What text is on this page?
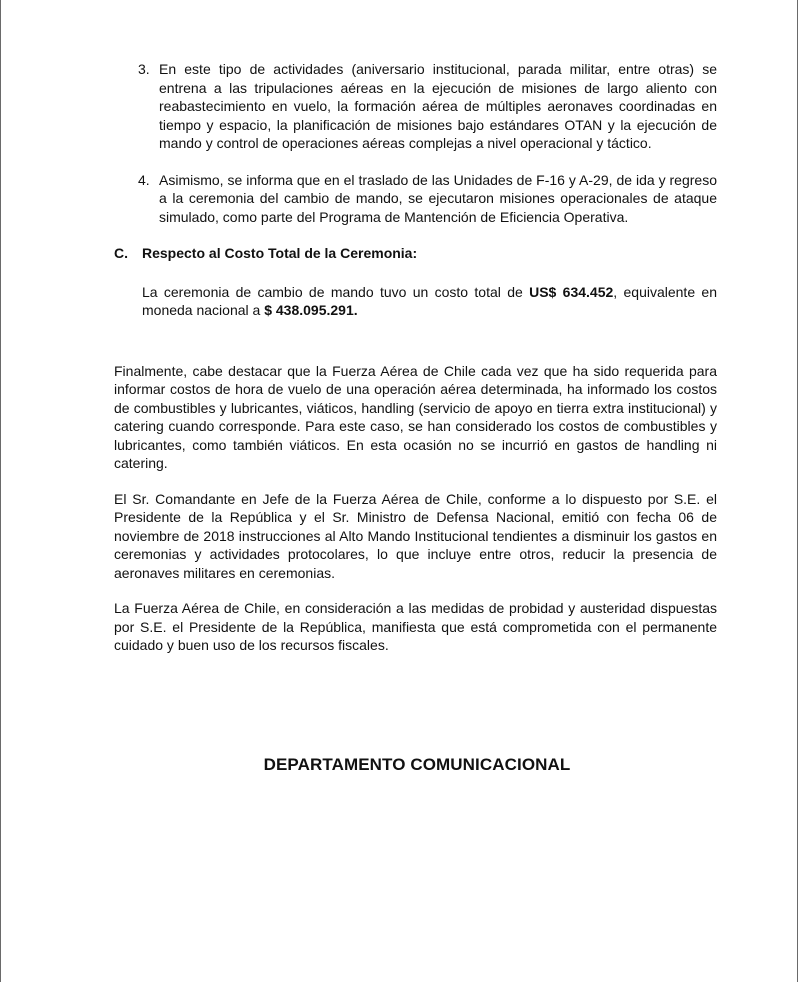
3. En este tipo de actividades (aniversario institucional, parada militar, entre otras) se entrena a las tripulaciones aéreas en la ejecución de misiones de largo aliento con reabastecimiento en vuelo, la formación aérea de múltiples aeronaves coordinadas en tiempo y espacio, la planificación de misiones bajo estándares OTAN y la ejecución de mando y control de operaciones aéreas complejas a nivel operacional y táctico.
4. Asimismo, se informa que en el traslado de las Unidades de F-16 y A-29, de ida y regreso a la ceremonia del cambio de mando, se ejecutaron misiones operacionales de ataque simulado, como parte del Programa de Mantención de Eficiencia Operativa.
C.	Respecto al Costo Total de la Ceremonia:
La ceremonia de cambio de mando tuvo un costo total de US$ 634.452, equivalente en moneda nacional a $ 438.095.291.

Finalmente, cabe destacar que la Fuerza Aérea de Chile cada vez que ha sido requerida para informar costos de hora de vuelo de una operación aérea determinada, ha informado los costos de combustibles y lubricantes, viáticos, handling (servicio de apoyo en tierra extra institucional) y catering cuando corresponde. Para este caso, se han considerado los costos de combustibles y lubricantes, como también viáticos. En esta ocasión no se incurrió en gastos de handling ni catering.

El Sr. Comandante en Jefe de la Fuerza Aérea de Chile, conforme a lo dispuesto por S.E. el Presidente de la República y el Sr. Ministro de Defensa Nacional, emitió con fecha 06 de noviembre de 2018 instrucciones al Alto Mando Institucional tendientes a disminuir los gastos en ceremonias y actividades protocolares, lo que incluye entre otros, reducir la presencia de aeronaves militares en ceremonias.

La Fuerza Aérea de Chile, en consideración a las medidas de probidad y austeridad dispuestas por S.E. el Presidente de la República, manifiesta que está comprometida con el permanente cuidado y buen uso de los recursos fiscales.

DEPARTAMENTO COMUNICACIONAL
